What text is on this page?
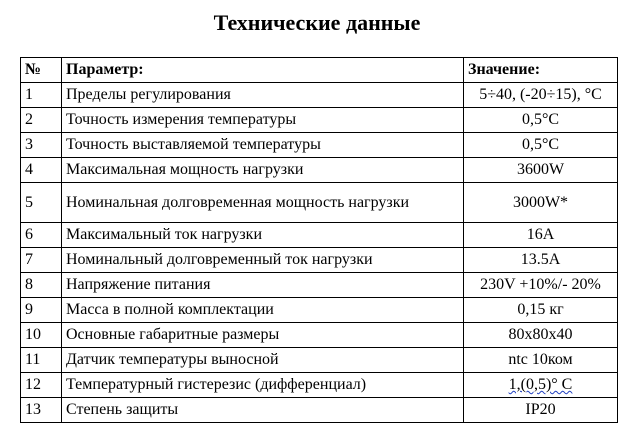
Технические данные
№	Параметр:	Значение:
1	Пределы регулирования	5÷40, (-20÷15), °С
2	Точность измерения температуры	0,5°С
3	Точность выставляемой температуры	0,5°С
4	Максимальная мощность нагрузки	3600W
5	Номинальная долговременная мощность нагрузки	3000W*
6	Максимальный ток нагрузки	16A
7	Номинальный долговременный ток нагрузки	13.5A
8	Напряжение питания	230V +10%/- 20%
9	Масса в полной комплектации	0,15 кг
10	Основные габаритные размеры	80х80х40
11	Датчик температуры выносной	ntc 10ком
12	Температурный гистерезис (дифференциал)	1,(0,5)° С
13	Степень защиты	IP20
